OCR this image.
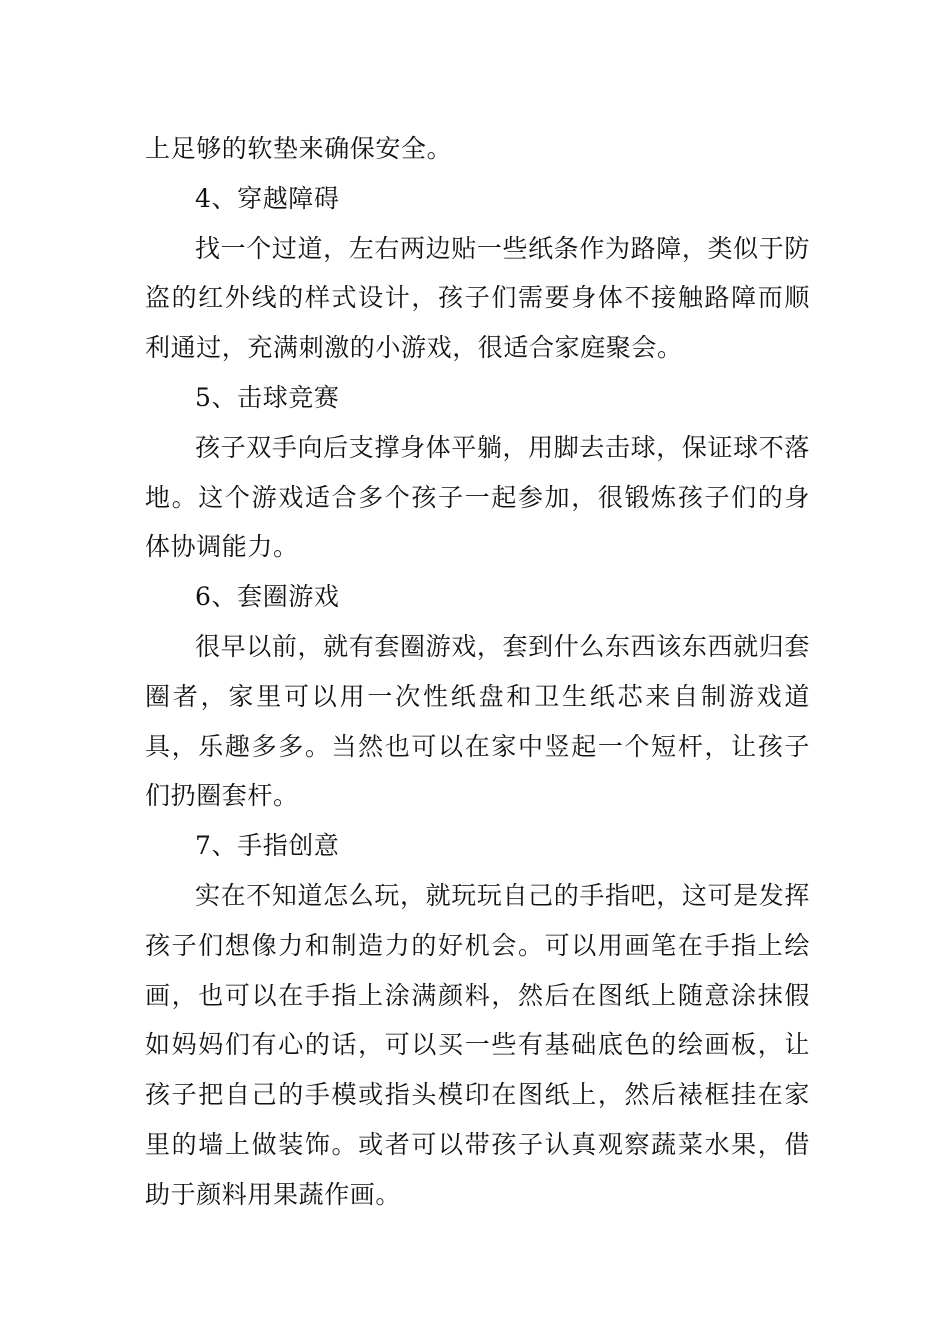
上足够的软垫来确保安全。

4、穿越障碍

找一个过道，左右两边贴一些纸条作为路障，类似于防盗的红外线的样式设计，孩子们需要身体不接触路障而顺利通过，充满刺激的小游戏，很适合家庭聚会。

5、击球竞赛

孩子双手向后支撑身体平躺，用脚去击球，保证球不落地。这个游戏适合多个孩子一起参加，很锻炼孩子们的身体协调能力。

6、套圈游戏

很早以前，就有套圈游戏，套到什么东西该东西就归套圈者，家里可以用一次性纸盘和卫生纸芯来自制游戏道具，乐趣多多。当然也可以在家中竖起一个短杆，让孩子们扔圈套杆。

7、手指创意

实在不知道怎么玩，就玩玩自己的手指吧，这可是发挥孩子们想像力和制造力的好机会。可以用画笔在手指上绘画，也可以在手指上涂满颜料，然后在图纸上随意涂抹假如妈妈们有心的话，可以买一些有基础底色的绘画板，让孩子把自己的手模或指头模印在图纸上，然后裱框挂在家里的墙上做装饰。或者可以带孩子认真观察蔬菜水果，借助于颜料用果蔬作画。
